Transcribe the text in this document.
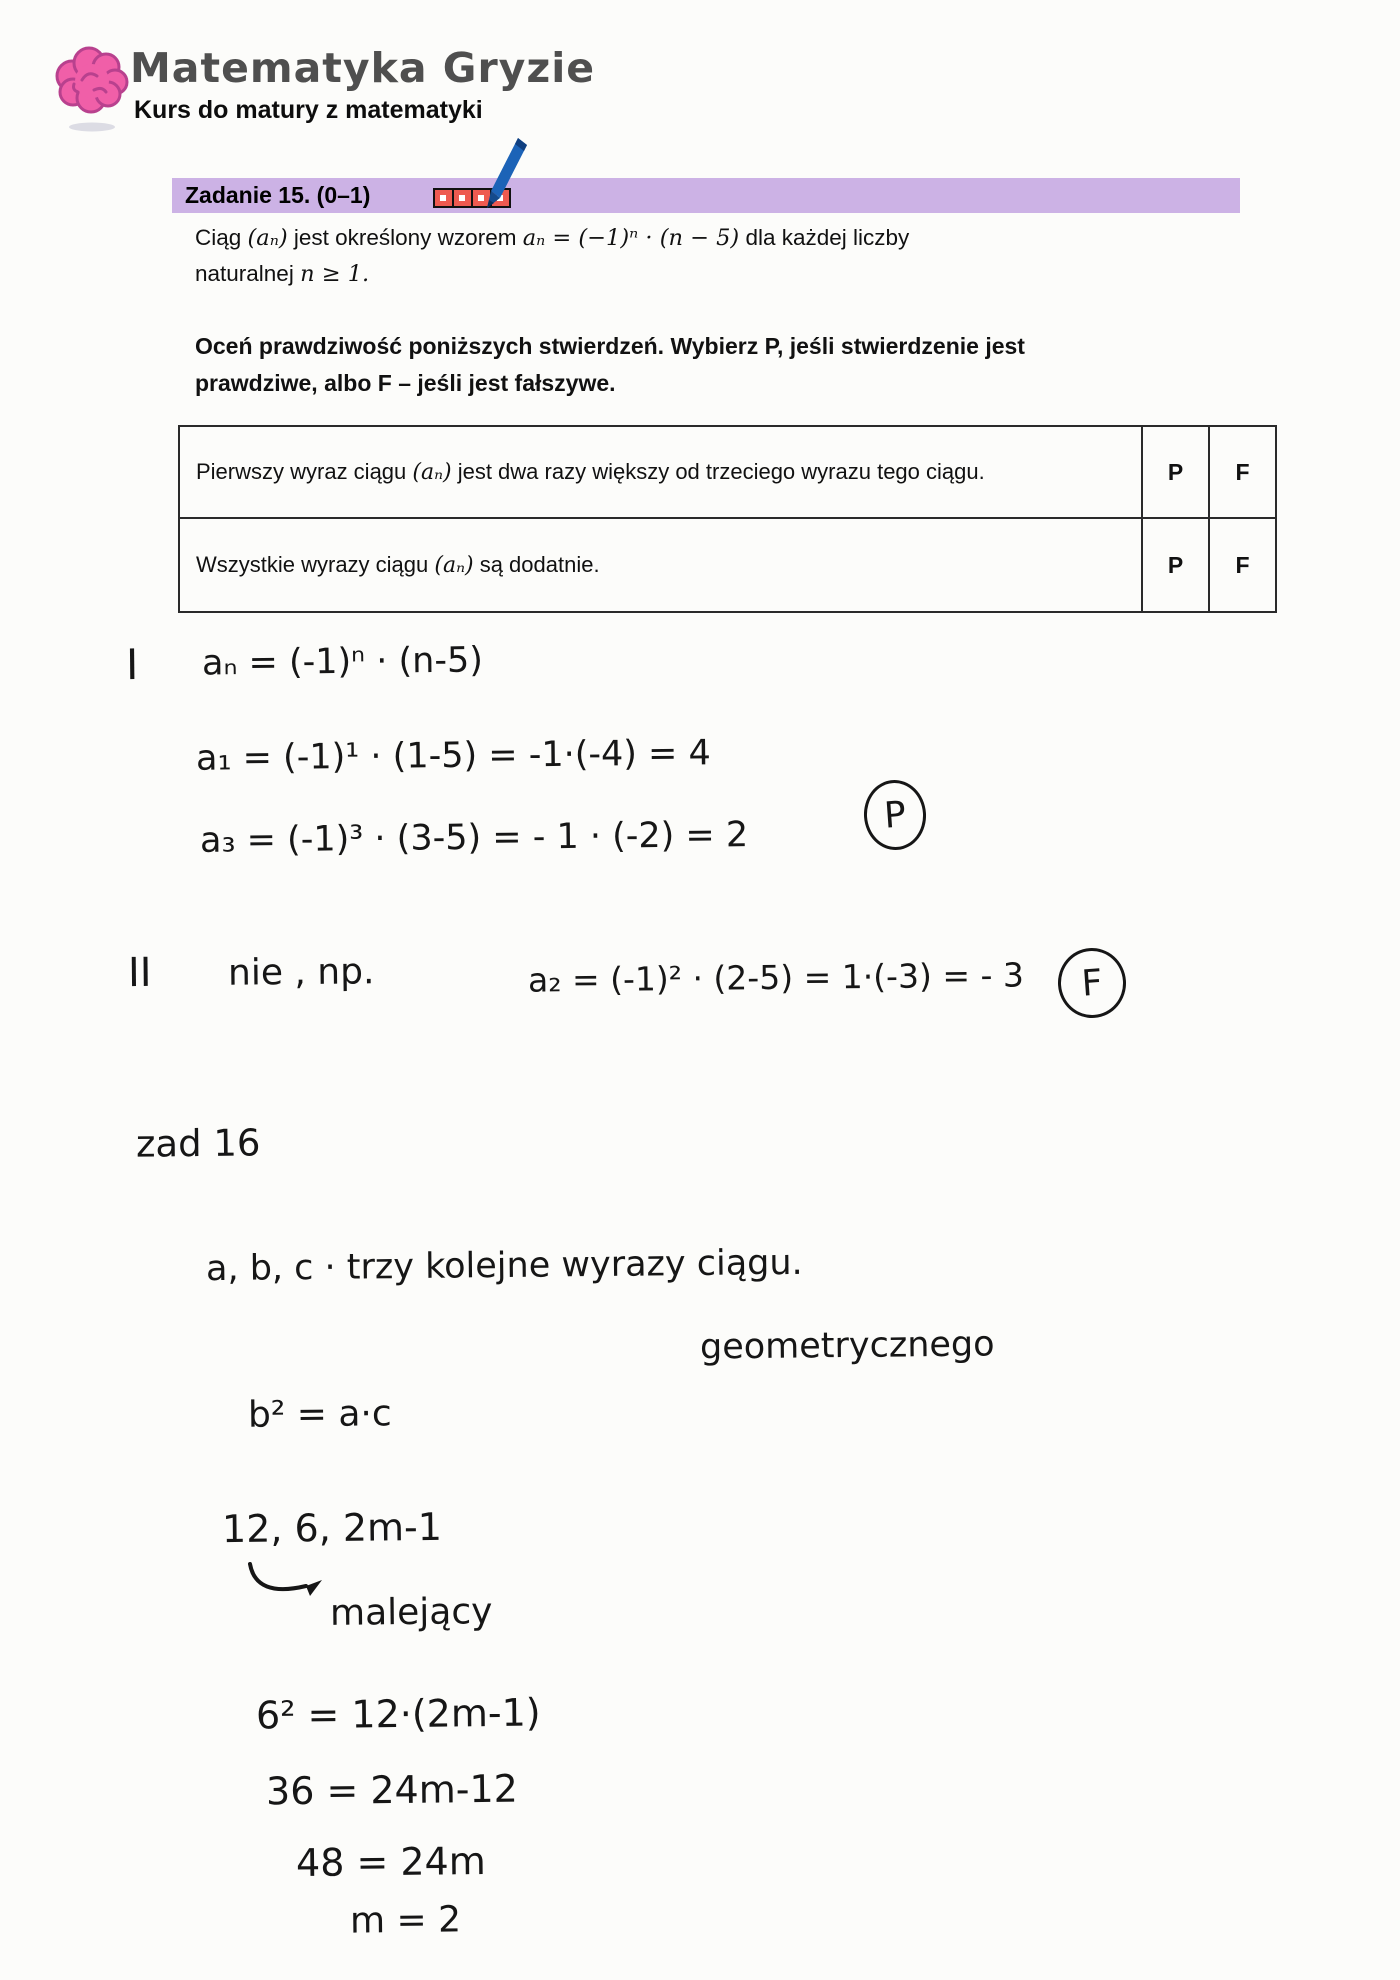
Matematyka Gryzie
Kurs do matury z matematyki
Zadanie 15. (0–1)
Ciąg (aₙ) jest określony wzorem aₙ = (−1)ⁿ · (n − 5) dla każdej liczby
naturalnej n ≥ 1.
Oceń prawdziwość poniższych stwierdzeń. Wybierz P, jeśli stwierdzenie jest
prawdziwe, albo F – jeśli jest fałszywe.
Pierwszy wyraz ciągu (aₙ) jest dwa razy większy od trzeciego wyrazu tego ciągu.	P	F
Wszystkie wyrazy ciągu (aₙ) są dodatnie.	P	F
I aₙ = (-1)ⁿ · (n-5)
a₁ = (-1)¹ · (1-5) = -1·(-4) = 4
a₃ = (-1)³ · (3-5) = - 1 · (-2) = 2
P
II nie , np.	a₂ = (-1)² · (2-5) = 1·(-3) = - 3	F
zad 16
a, b, c · trzy kolejne wyrazy ciągu.
geometrycznego
b² = a·c
12, 6, 2m-1
malejący
6² = 12·(2m-1)
36 = 24m-12
48 = 24m
m = 2
